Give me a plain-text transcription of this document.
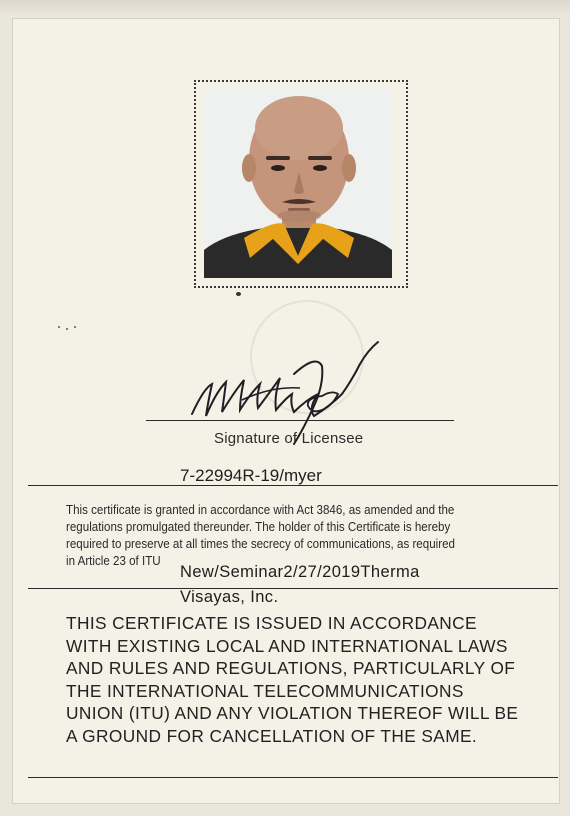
Signature of Licensee
7-22994R-19/myer
This certificate is granted in accordance with Act 3846, as amended and the
regulations promulgated thereunder. The holder of this Certificate is hereby
required to preserve at all times the secrecy of communications, as required
in Article 23 of ITU
New/Seminar2/27/2019Therma
Visayas, Inc.
THIS CERTIFICATE IS ISSUED IN ACCORDANCE
WITH EXISTING LOCAL AND INTERNATIONAL LAWS
AND RULES AND REGULATIONS, PARTICULARLY OF
THE INTERNATIONAL TELECOMMUNICATIONS
UNION (ITU) AND ANY VIOLATION THEREOF WILL BE
A GROUND FOR CANCELLATION OF THE SAME.
